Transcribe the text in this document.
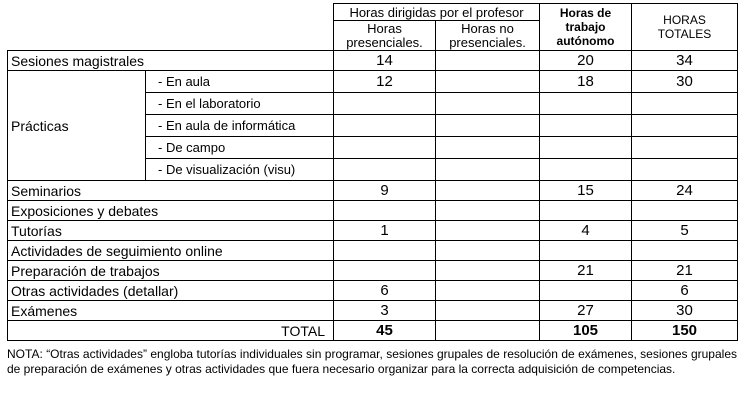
		Horas dirigidas por el profesor		Horas de trabajo autónomo	HORAS TOTALES
		Horas presenciales.	Horas no presenciales.		
Sesiones magistrales		14		20	34
Prácticas	- En aula	12		18	30
	- En el laboratorio				
	- En aula de informática				
	- De campo				
	- De visualización (visu)				
Seminarios		9		15	24
Exposiciones y debates					
Tutorías		1		4	5
Actividades de seguimiento online					
Preparación de trabajos				21	21
Otras actividades (detallar)		6			6
Exámenes		3		27	30
TOTAL		45		105	150
NOTA: “Otras actividades” engloba tutorías individuales sin programar, sesiones grupales de resolución de exámenes, sesiones grupales de preparación de exámenes y otras actividades que fuera necesario organizar para la correcta adquisición de competencias.
